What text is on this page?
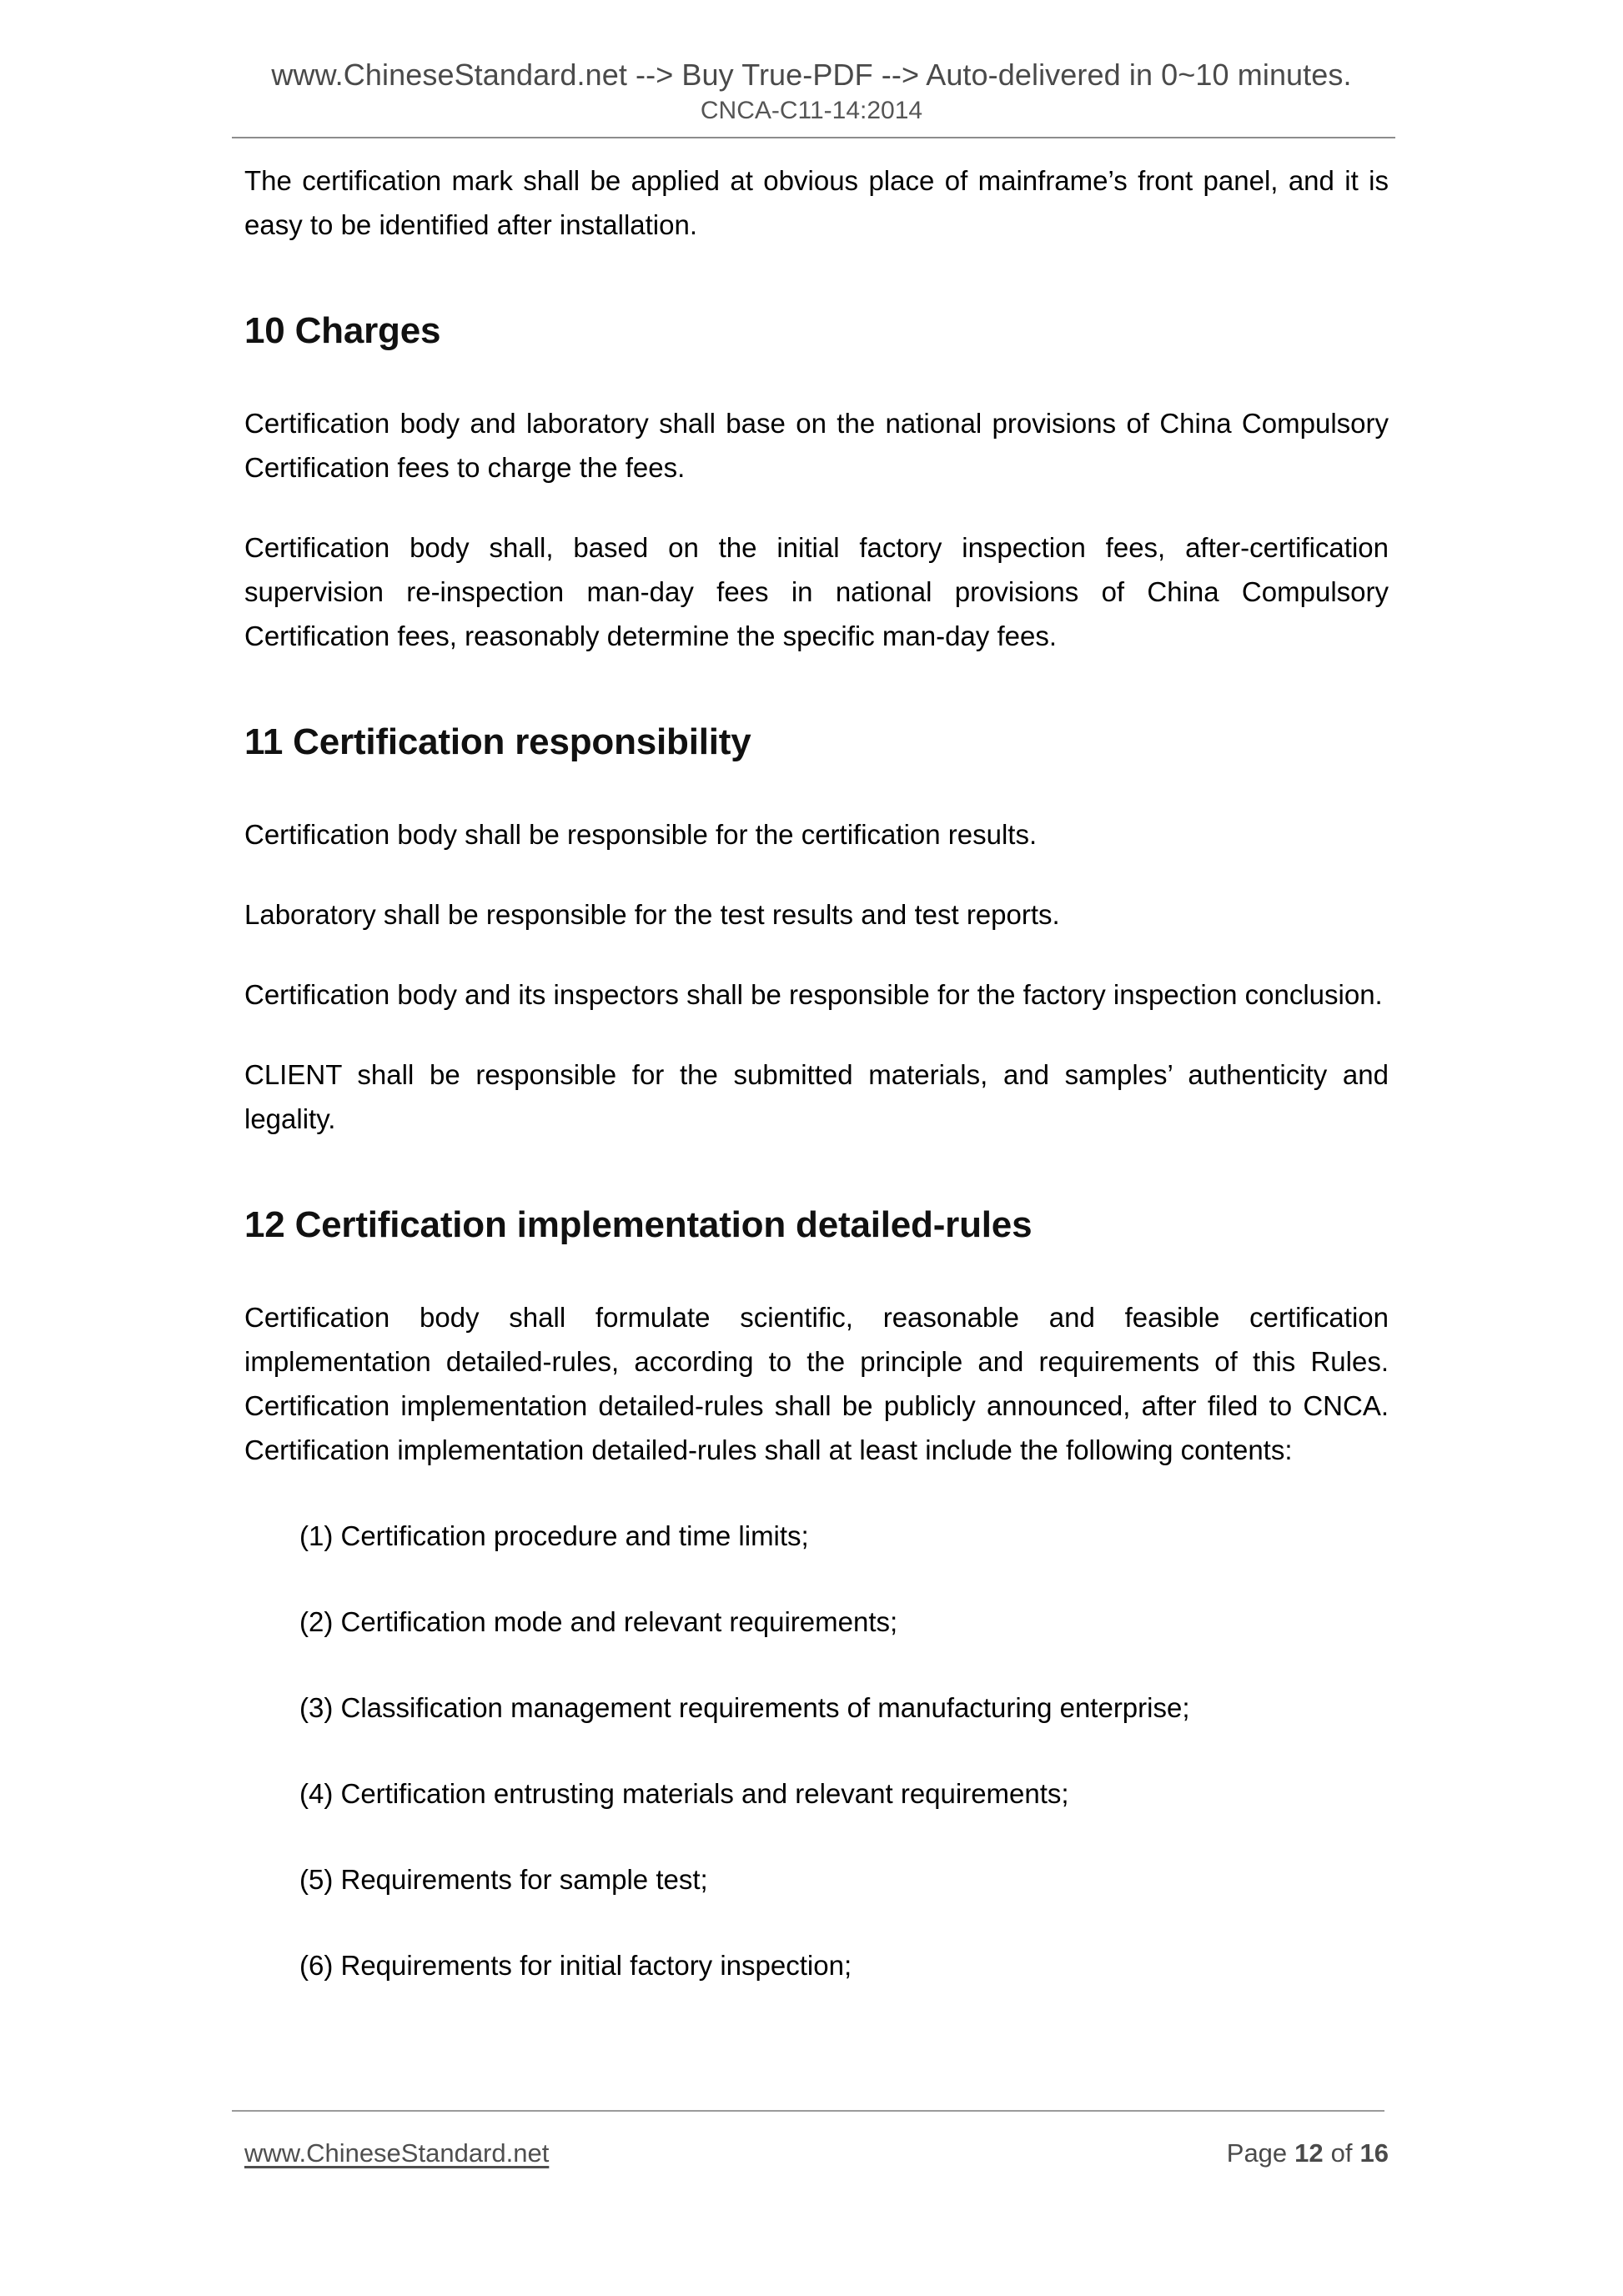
www.ChineseStandard.net --> Buy True-PDF --> Auto-delivered in 0~10 minutes.
CNCA-C11-14:2014

The certification mark shall be applied at obvious place of mainframe’s front panel, and it is easy to be identified after installation.

10 Charges

Certification body and laboratory shall base on the national provisions of China Compulsory Certification fees to charge the fees.

Certification body shall, based on the initial factory inspection fees, after-certification supervision re-inspection man-day fees in national provisions of China Compulsory Certification fees, reasonably determine the specific man-day fees.

11 Certification responsibility

Certification body shall be responsible for the certification results.

Laboratory shall be responsible for the test results and test reports.

Certification body and its inspectors shall be responsible for the factory inspection conclusion.

CLIENT shall be responsible for the submitted materials, and samples’ authenticity and legality.

12 Certification implementation detailed-rules

Certification body shall formulate scientific, reasonable and feasible certification implementation detailed-rules, according to the principle and requirements of this Rules. Certification implementation detailed-rules shall be publicly announced, after filed to CNCA. Certification implementation detailed-rules shall at least include the following contents:

(1) Certification procedure and time limits;
(2) Certification mode and relevant requirements;
(3) Classification management requirements of manufacturing enterprise;
(4) Certification entrusting materials and relevant requirements;
(5) Requirements for sample test;
(6) Requirements for initial factory inspection;
www.ChineseStandard.net	Page 12 of 16
